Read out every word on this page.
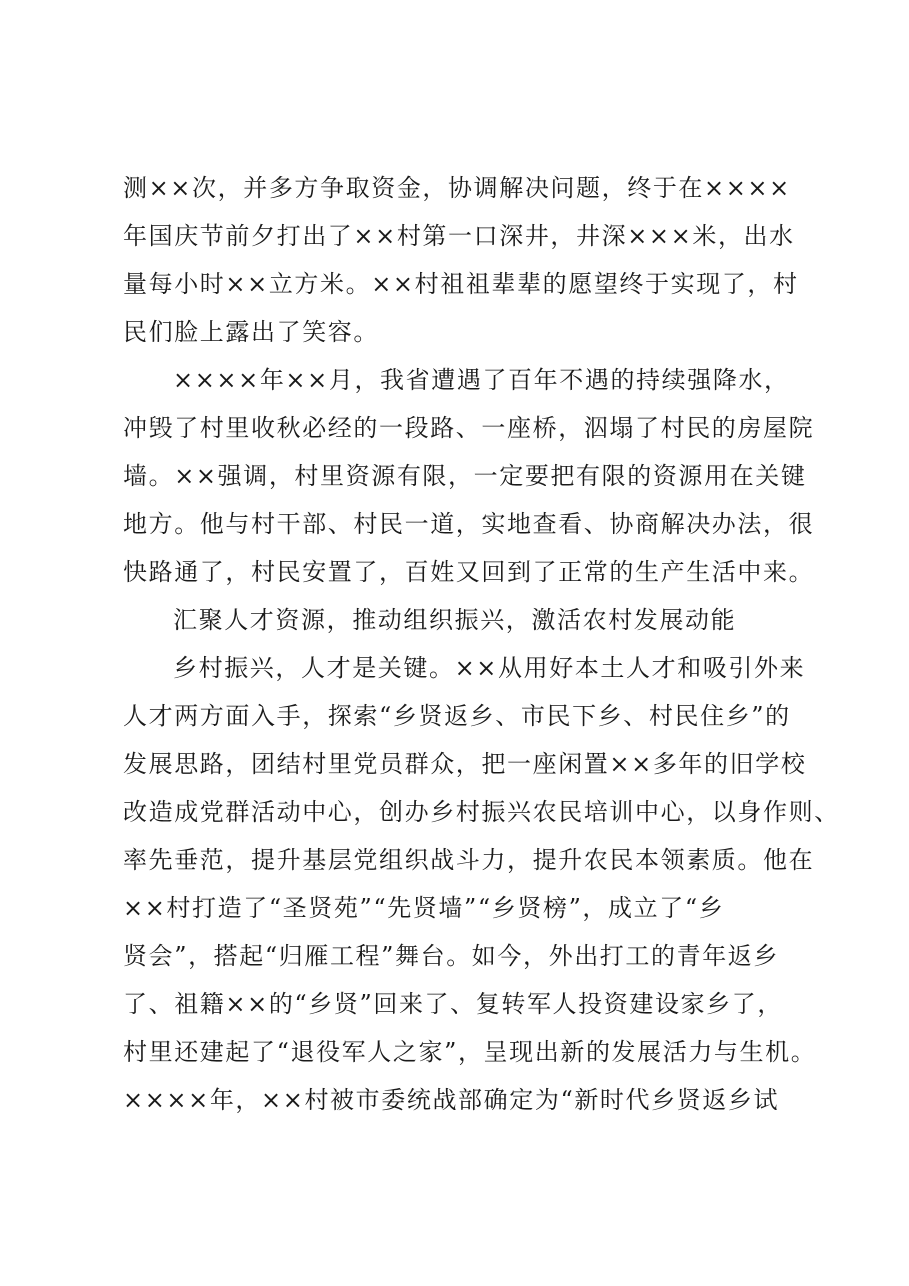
测××次，并多方争取资金，协调解决问题，终于在××××
年国庆节前夕打出了××村第一口深井，井深×××米，出水
量每小时××立方米。××村祖祖辈辈的愿望终于实现了，村
民们脸上露出了笑容。
××××年××月，我省遭遇了百年不遇的持续强降水，
冲毁了村里收秋必经的一段路、一座桥，泅塌了村民的房屋院
墙。××强调，村里资源有限，一定要把有限的资源用在关键
地方。他与村干部、村民一道，实地查看、协商解决办法，很
快路通了，村民安置了，百姓又回到了正常的生产生活中来。
汇聚人才资源，推动组织振兴，激活农村发展动能
乡村振兴，人才是关键。××从用好本土人才和吸引外来
人才两方面入手，探索“乡贤返乡、市民下乡、村民住乡”的
发展思路，团结村里党员群众，把一座闲置××多年的旧学校
改造成党群活动中心，创办乡村振兴农民培训中心，以身作则、
率先垂范，提升基层党组织战斗力，提升农民本领素质。他在
××村打造了“圣贤苑”“先贤墙”“乡贤榜”，成立了“乡
贤会”，搭起“归雁工程”舞台。如今，外出打工的青年返乡
了、祖籍××的“乡贤”回来了、复转军人投资建设家乡了，
村里还建起了“退役军人之家”，呈现出新的发展活力与生机。
××××年，××村被市委统战部确定为“新时代乡贤返乡试
